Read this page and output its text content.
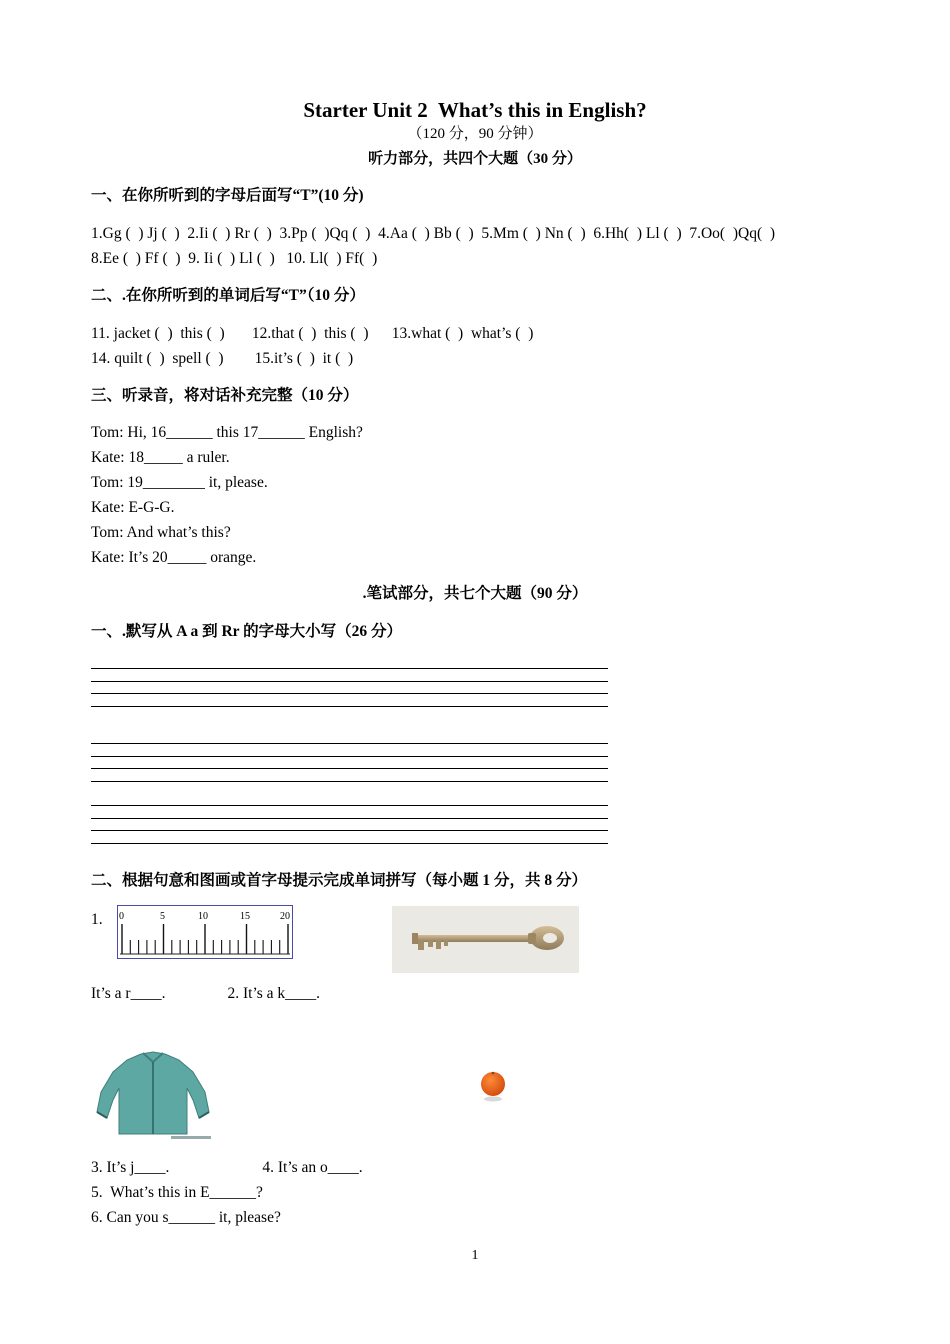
Starter Unit 2  What’s this in English?
（120 分，90 分钟）
听力部分，共四个大题（30 分）
一、在你所听到的字母后面写“T”(10 分)
1.Gg (  ) Jj (  )  2.Ii (  ) Rr (  )  3.Pp (  )Qq (  )  4.Aa (  ) Bb (  )  5.Mm (  ) Nn (  )  6.Hh(  ) Ll (  )  7.Oo(  )Qq(  )
8.Ee (  ) Ff (  )  9. Ii (  ) Ll (  )   10. Ll(  ) Ff(  )
二、.在你所听到的单词后写“T”（10 分）
11. jacket (  )  this (  )       12.that (  )  this (  )      13.what (  )  what’s (  )
14. quilt (  )  spell (  )        15.it’s (  )  it (  )
三、听录音，将对话补充完整（10 分）
Tom: Hi, 16______ this 17______ English?
Kate: 18_____ a ruler.
Tom: 19________ it, please.
Kate: E-G-G.
Tom: And what’s this?
Kate: It’s 20_____ orange.
.笔试部分，共七个大题（90 分）
一、.默写从 A a 到 Rr 的字母大小写（26 分）
二、根据句意和图画或首字母提示完成单词拼写（每小题 1 分，共 8 分）
1. 0	5	10	15	20
It’s a r____.                2. It’s a k____.
3. It’s j____.                        4. It’s an o____.
5.  What’s this in E______?
6. Can you s______ it, please?
1
